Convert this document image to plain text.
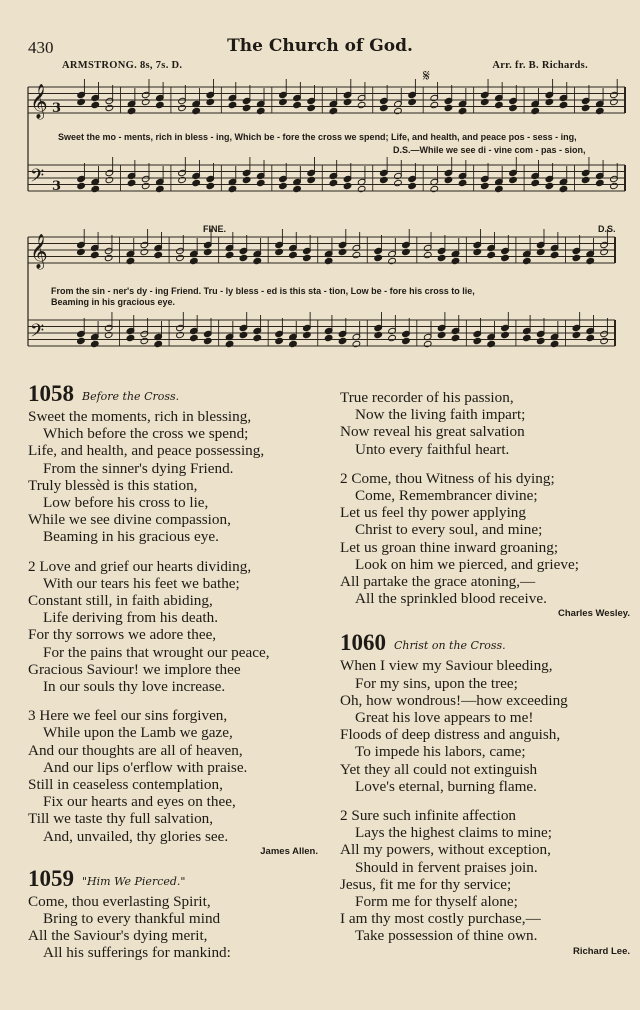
430	The Church of God.
ARMSTRONG. 8s, 7s. D.	Arr. fr. B. Richards.
𝄞 3
𝄢 3
𝄞
𝄢
𝄋
Sweet the mo - ments, rich in bless - ing, Which be - fore the cross we spend; Life, and health, and peace pos - sess - ing,
D.S.—While we see di - vine com - pas - sion,
FINE.	D.S.
From the sin - ner's dy - ing Friend. Tru - ly bless - ed is this sta - tion, Low be - fore his cross to lie,
Beaming in his gracious eye.
1058 Before the Cross.
Sweet the moments, rich in blessing,
Which before the cross we spend;
Life, and health, and peace possessing,
From the sinner's dying Friend.
Truly blessèd is this station,
Low before his cross to lie,
While we see divine compassion,
Beaming in his gracious eye.
2 Love and grief our hearts dividing,
With our tears his feet we bathe;
Constant still, in faith abiding,
Life deriving from his death.
For thy sorrows we adore thee,
For the pains that wrought our peace,
Gracious Saviour! we implore thee
In our souls thy love increase.
3 Here we feel our sins forgiven,
While upon the Lamb we gaze,
And our thoughts are all of heaven,
And our lips o'erflow with praise.
Still in ceaseless contemplation,
Fix our hearts and eyes on thee,
Till we taste thy full salvation,
And, unvailed, thy glories see.
James Allen.
1059 "Him We Pierced."
Come, thou everlasting Spirit,
Bring to every thankful mind
All the Saviour's dying merit,
All his sufferings for mankind:
True recorder of his passion,
Now the living faith impart;
Now reveal his great salvation
Unto every faithful heart.
2 Come, thou Witness of his dying;
Come, Remembrancer divine;
Let us feel thy power applying
Christ to every soul, and mine;
Let us groan thine inward groaning;
Look on him we pierced, and grieve;
All partake the grace atoning,—
All the sprinkled blood receive.
Charles Wesley.
1060 Christ on the Cross.
When I view my Saviour bleeding,
For my sins, upon the tree;
Oh, how wondrous!—how exceeding
Great his love appears to me!
Floods of deep distress and anguish,
To impede his labors, came;
Yet they all could not extinguish
Love's eternal, burning flame.
2 Sure such infinite affection
Lays the highest claims to mine;
All my powers, without exception,
Should in fervent praises join.
Jesus, fit me for thy service;
Form me for thyself alone;
I am thy most costly purchase,—
Take possession of thine own.
Richard Lee.
